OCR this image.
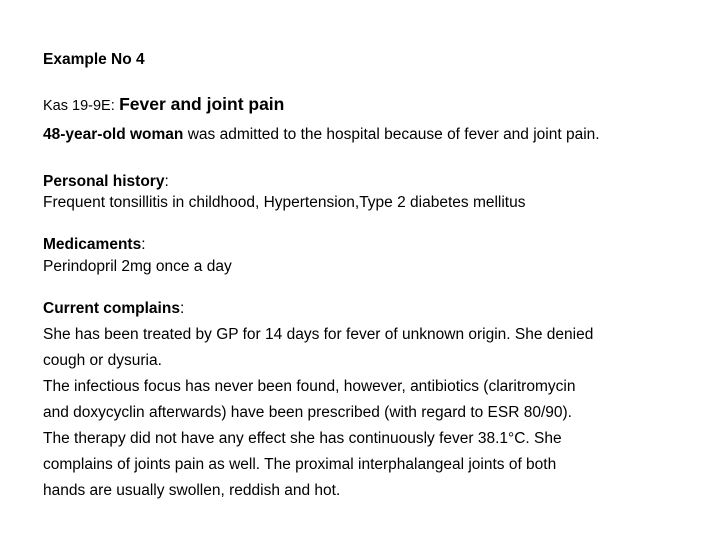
Example No 4
Kas 19-9E: Fever and joint pain
48-year-old woman was admitted to the hospital because of fever and joint pain.
Personal history:
Frequent tonsillitis in childhood, Hypertension,Type 2 diabetes mellitus
Medicaments:
Perindopril 2mg once a day
Current complains:
She has been treated by GP for 14 days for fever of unknown origin. She denied
cough or dysuria.
The infectious focus has never been found, however, antibiotics (claritromycin
and doxycyclin afterwards) have been prescribed (with regard to ESR 80/90).
The therapy did not have any effect she has continuously fever 38.1°C. She
complains of joints pain as well. The proximal interphalangeal joints of both
hands are usually swollen, reddish and hot.
